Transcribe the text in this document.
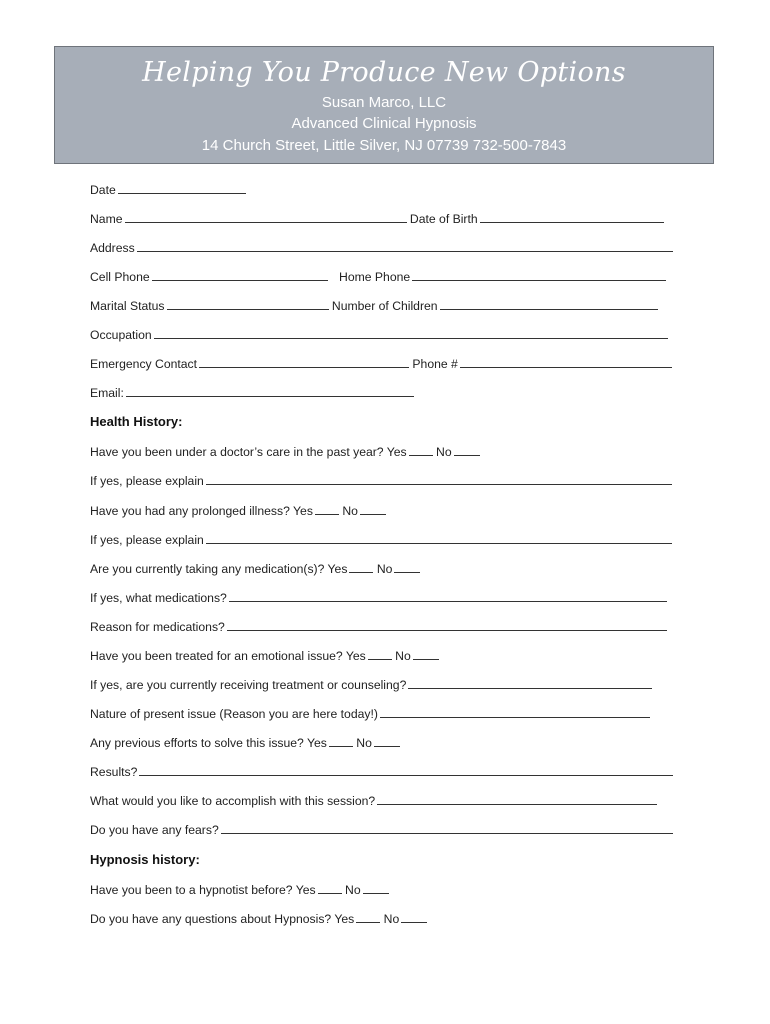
Helping You Produce New Options
Susan Marco, LLC
Advanced Clinical Hypnosis
14 Church Street, Little Silver, NJ 07739 732-500-7843
Date
Name	Date of Birth
Address
Cell Phone	Home Phone
Marital Status	Number of Children
Occupation
Emergency Contact	Phone #
Email:
Health History:
Have you been under a doctor’s care in the past year? Yes No
If yes, please explain
Have you had any prolonged illness? Yes No
If yes, please explain
Are you currently taking any medication(s)? Yes No
If yes, what medications?
Reason for medications?
Have you been treated for an emotional issue? Yes No
If yes, are you currently receiving treatment or counseling?
Nature of present issue (Reason you are here today!)
Any previous efforts to solve this issue? Yes No
Results?
What would you like to accomplish with this session?
Do you have any fears?
Hypnosis history:
Have you been to a hypnotist before? Yes No
Do you have any questions about Hypnosis? Yes No
